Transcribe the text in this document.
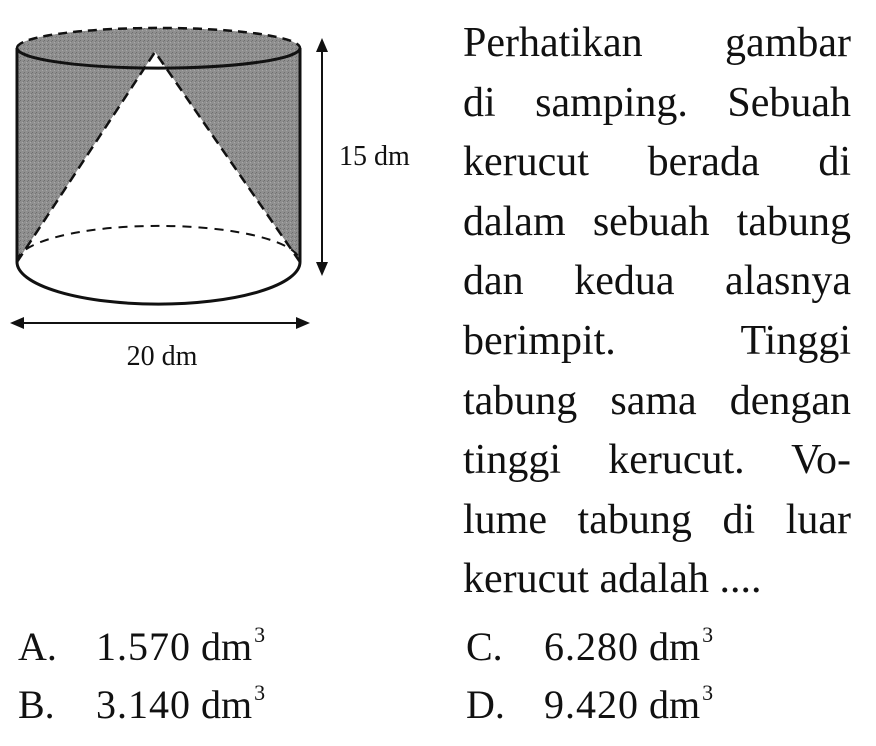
15 dm
20 dm

Perhatikan gambar
di samping. Sebuah
kerucut berada di
dalam sebuah tabung
dan kedua alasnya
berimpit. Tinggi
tabung sama dengan
tinggi kerucut. Vo-
lume tabung di luar
kerucut adalah ....

A. 1.570 $dm^3$
B. 3.140 $dm^3$
C. 6.280 $dm^3$
D. 9.420 $dm^3$
